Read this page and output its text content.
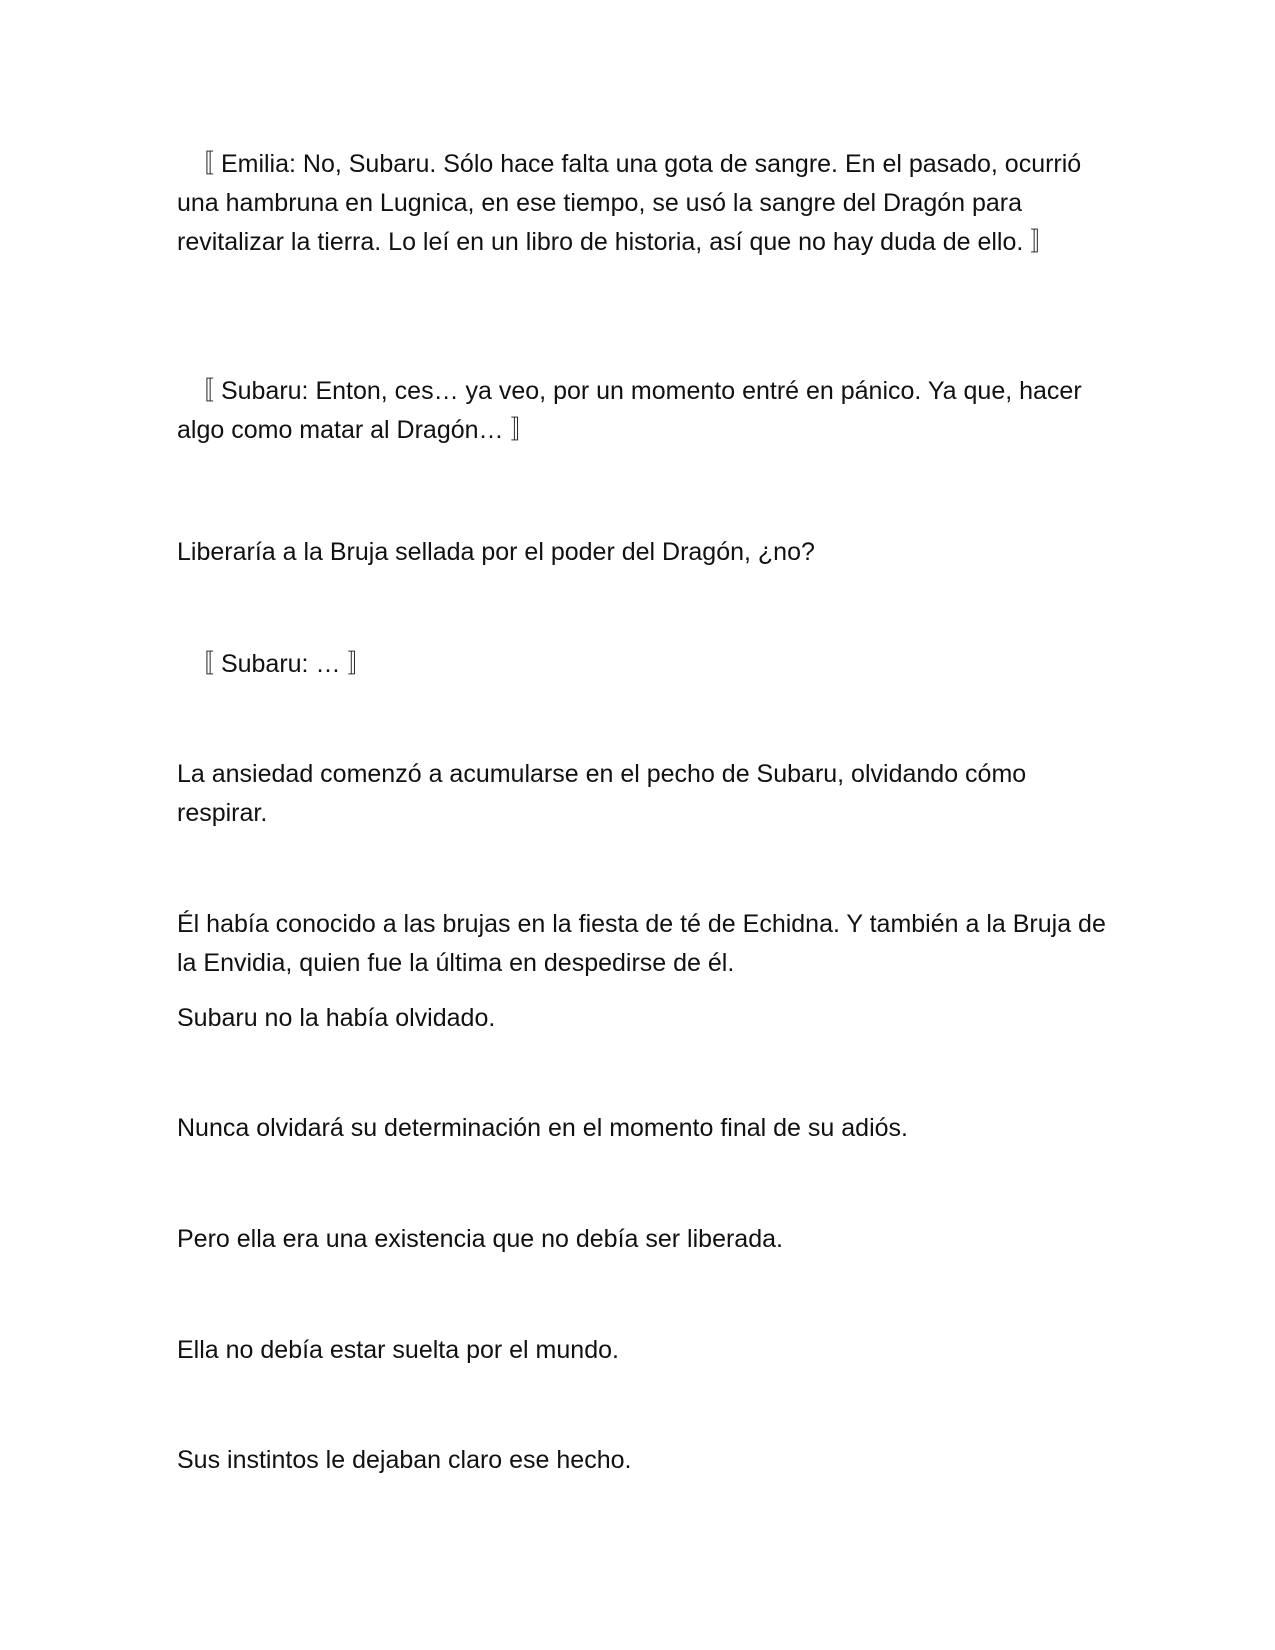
〚 Emilia: No, Subaru. Sólo hace falta una gota de sangre. En el pasado, ocurrió una hambruna en Lugnica, en ese tiempo, se usó la sangre del Dragón para revitalizar la tierra. Lo leí en un libro de historia, así que no hay duda de ello. 〛

〚 Subaru: Enton, ces… ya veo, por un momento entré en pánico. Ya que, hacer algo como matar al Dragón… 〛

Liberaría a la Bruja sellada por el poder del Dragón, ¿no?

〚 Subaru: … 〛

La ansiedad comenzó a acumularse en el pecho de Subaru, olvidando cómo respirar.

Él había conocido a las brujas en la fiesta de té de Echidna. Y también a la Bruja de la Envidia, quien fue la última en despedirse de él.

Subaru no la había olvidado.

Nunca olvidará su determinación en el momento final de su adiós.

Pero ella era una existencia que no debía ser liberada.

Ella no debía estar suelta por el mundo.

Sus instintos le dejaban claro ese hecho.
